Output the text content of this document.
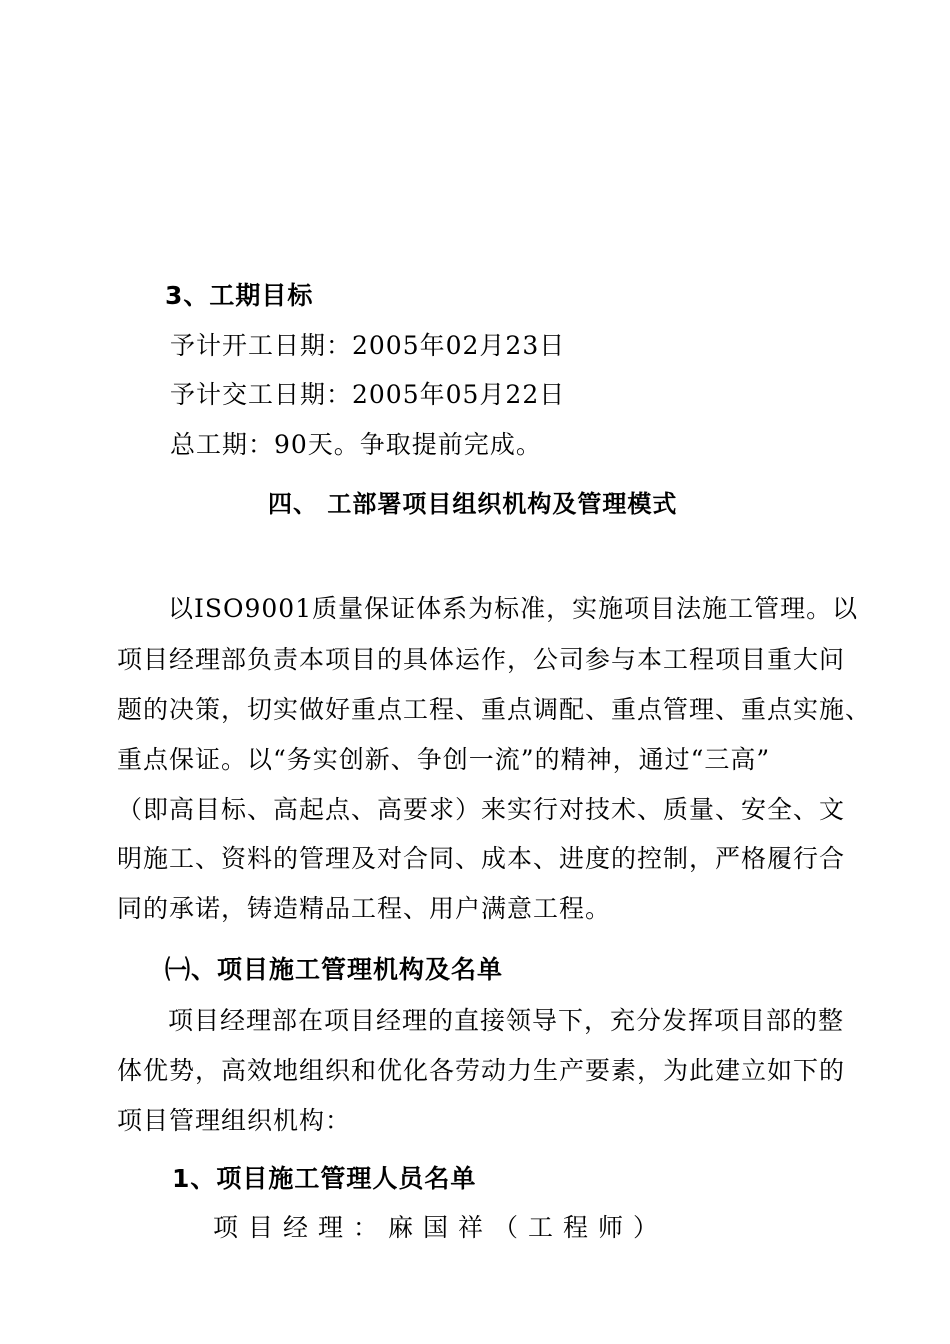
3、工期目标
予计开工日期：2005年02月23日
予计交工日期：2005年05月22日
总工期：90天。争取提前完成。
四、 工部署项目组织机构及管理模式
以ISO9001质量保证体系为标准，实施项目法施工管理。以
项目经理部负责本项目的具体运作，公司参与本工程项目重大问
题的决策，切实做好重点工程、重点调配、重点管理、重点实施、
重点保证。以“务实创新、争创一流”的精神，通过“三高”
（即高目标、高起点、高要求）来实行对技术、质量、安全、文
明施工、资料的管理及对合同、成本、进度的控制，严格履行合
同的承诺，铸造精品工程、用户满意工程。
㈠、项目施工管理机构及名单
项目经理部在项目经理的直接领导下，充分发挥项目部的整
体优势，高效地组织和优化各劳动力生产要素，为此建立如下的
项目管理组织机构：
1、项目施工管理人员名单
项目经理：麻国祥（工程师）
